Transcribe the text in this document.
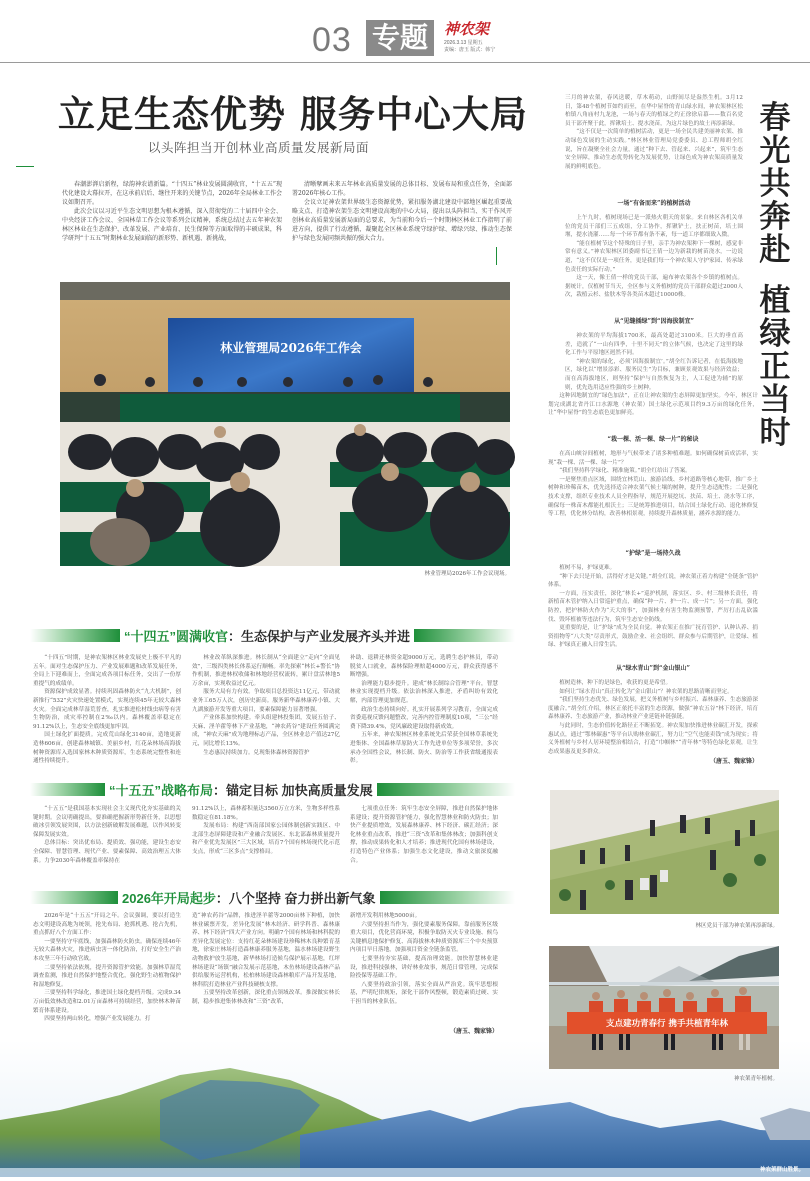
03 专题	神农架
2026.3.13 星期五
责编：唐玉 版式：韩宁
立足生态优势 服务中心大局
以头阵担当开创林业高质量发展新局面

春潮澎湃启新程，绿韵神农谱新篇。“十四五”林业发展圆满收官，“十五五”现代化建设大幕拉开，在这承前启后、继往开来的关键节点，2026年全局林业工作会议如期召开。

此次会议以习近平生态文明思想为根本遵循，深入贯彻党的二十届四中全会、中央经济工作会议、全国林草工作会议等系列会议精神，系统总结过去五年神农架林区林业在生态保护、改革发展、产业培育、民生保障等方面取得的丰硕成果，科学研判“十五五”时期林业发展面临的新形势、新机遇、新挑战，

清晰擘画未来五年林业高质量发展的总体目标、发展布局和重点任务，全面部署2026年核心工作。

会议立足神农架世界级生态资源优势，紧扣服务湖北建设中部地区崛起重要战略支点、打造神农架生态文明建设高地的中心大局，提出以头阵担当、实干作风开创林业高质量发展新局面的总要求，为当前和今后一个时期林区林业工作指明了前进方向，提供了行动遵循，凝聚起全区林业系统守绿护绿、增绿兴绿、推动生态保护与绿色发展同频共振的强大合力。

林业管理局2026年工作会
林业管理局2026年工作会议现场。
“十四五”圆满收官：生态保护与产业发展齐头并进

“十四五”时期，是神农架林区林业发展史上极不平凡的五年。面对生态保护压力、产业发展难题和改革发展任务，全局上下迎难而上，全面完成各项目标任务，交出了一份厚重提气的成绩单。

资源保护成效显著。持续巩固森林防火“九大机制”，创新推行“532”火灾快速处置模式，实现连续45年无较大森林火灾。全面完成林草湿荒普查，扎实推进松材线虫病等有害生物防治，成灾率控制在2‰以内。森林覆盖率稳定在91.12%以上，生态安全底线更加牢固。

国土绿化扩面提质。完成荒山绿化3140亩，造地更新造林606亩，创建森林城镇、美丽乡村，红花朵林场高海拔树种资源库入选国家林木种质资源库，生态系统完整性和连通性持续提升。

林业改革纵深推进。林长制从“全面建立”走向“全面见效”，三级四类林长体系运行顺畅。率先探索“林长+警长”协作机制，推进林权收储和林地经营权流转，累计盘活林地5万余亩，实现收益过亿元。

服务大局有力有效。争取项目总投资达11亿元，带动就业务工65万人次，创历史新高。服务新华森林康养小镇、大九湖旅游开发等重大项目，要素保障能力显著增强。

产业体系加快构建。牵头组建林投集团，发展五倍子、天麻、淫羊藿等林下产业基地，“神农药谷”建设任务圆满完成，“神农天麻”成为地理标志产品，全区林业总产值达27亿元，同比增长13%。

生态惠民持续加力。兑现集体森林资源管护

补助、退耕还林资金超9000万元，选聘生态护林员，带动脱贫人口就业，森林保险理赔超4000万元，群众获得感不断增强。

治理能力稳步提升。建成“林长制综合管理”平台，智慧林业实现提档升级。依法治林深入推进，矛盾纠纷有效化解，内部管理更加规范。

政治生态持续向好。扎实开展系列学习教育，全面完成省委巡视反馈问题整改，完善内控管理制度10项，“三公”经费下降39.4%，党风廉政建设取得新成效。

五年来，神农架林区林业系统先后荣获全国林草系统先进集体、全国森林草原防火工作先进单位等多项荣誉，多次承办全国性会议，林长制、防火、防治等工作获省级通报表彰。

“十五五”战略布局：锚定目标 加快高质量发展

“十五五”是我国基本实现社会主义现代化夯实基础的关键时期。会议明确提出，要准确把握新形势新任务，以思想破冰引领发展突围，以方法创新破解发展难题，以作风转变保障发展实效。

总体目标：突出优布局、提质效、强功能，建设生态安全保障、智慧管理、现代产业、要素保障、高效治理五大体系。力争2030年森林覆盖率保持在

91.12%以上，森林蓄积量达3560万立方米，生物多样性系数稳定在81.18%。

发展布局：构建“西南部国家公园体制创新实践区、中北部生态屏障建设和产业融合发展区、东北部森林质量提升和产业优先发展区”三大区域，培育7个国有林场现代化示范支点，形成“三区多点”支撑格局。

七项重点任务：筑牢生态安全屏障，推进自然保护地体系建设；提升资源管护能力，强化智慧林业和防火防虫；加快产业提质增效，发展森林康养、林下经济、碳汇经济；深化林业重点改革，推进“三资”改革和集体林改；加强科创支撑，推动成果转化和人才培养；推进现代化国有林场建设，打造特色产业体系；加强生态文化建设，推动文旅深度融合。

2026年开局起步：八个坚持 奋力拼出新气象

2026年是“十五五”开局之年。会议强调，要以打造生态文明建设高地为统领，抢先布局、抢抓机遇、抢占先机，重点抓好八个方面工作：

一要坚持守牢底线，加强森林防火防虫。确保连续46年无较大森林火灾，推进病虫害一体化防治，打好安全生产治本攻坚三年行动收官战。

二要坚持依法依规，提升资源管护效能。加强林草湿荒调查监测，推进自然保护地整合优化，强化野生动植物保护和湿地修复。

三要坚持科学绿化，推进国土绿化提档升级。完成9.34万亩低效林改造和2.01万亩森林可持续经营，加快林木种苗繁育体系建设。

四要坚持两山转化，增强产业发展能力。打

造“神农药谷”品牌，推进淫羊藿等2000亩林下种植，加快林业碳票开发，差异化发展“林木经济、研学科普、森林康养、林下经济”四大产业方向。明确7个国有林场和林科院的差异化发展定位：支持红花朵林场建设珍稀林木良种繁育基地，徐家庄林场打造森林康养服务基地，温水林场建设野生动物救护放生基地，新华林场打造候鸟保护展示基地，红坪林场建设“场镇”融合发展示范基地，木鱼林场建设森林产品供给服务运营机构，松柏林场建设森林粮库产品开发基地，林科院打造林业产业科技硬核支撑。

五要坚持改革创新，深化重点领域改革。推深做实林长制，稳步推进集体林改和“三资”改革，

新增开发利用林地5000亩。

六要坚持担当作为，强化要素服务保障。靠前服务区级重大项目，优化营商环境，积极争取防灭火专业设施、候鸟关键栖息地保护修复、高海拔林木种质资源库三个中央预算内项目早日落地，加强项目资金全链条监管。

七要坚持夯实基础，提高治理效能。加快智慧林业建设，推进科技强林，讲好林业故事，规范日常管理，完成保险投保等基础工作。

八要坚持政治引领，落实全面从严治党。筑牢思想根基，严明纪律规矩，深化干部作风整顿，锻造素质过硬、实干担当的林业队伍。

（唐玉、魏家锋）
神农架群山胜景。

三月的神农架，春风送暖，草木萌动，山野间尽是盎然生机。3月12日，第48个植树节如约而至，在华中屋脊的青山绿水间，神农架林区松柏镇八角庙村九龙池，一场与春天的植绿之约正徐徐启幕——数百名党员干部齐聚于此，挥锹培土、提水浇苗，为这片绿色的故土再添新绿。

“这不仅是一次简单的植树活动，更是一场全民共建美丽神农架、推动绿色发展的生动实践。”林区林业管理局党委委员、总工程师胡全红说，旨在凝聚全社会力量，通过“种下去、管起来、兴起来”，筑牢生态安全屏障，推动生态优势转化为发展优势，让绿色成为神农架高质量发展的鲜明底色。

春
光
共
奔
赴
植
绿
正
当
时
一场“有备而来”的植树活动

上午九时，植树现场已是一派热火朝天的景象。来自林区各机关单位的党员干部们三五成组，分工协作，挥锹铲土，扶正树苗，培土围堰，提水浇灌……每一个环节都有条不紊，每一道工序都细致入微。

“能在植树节这个特殊的日子里，亲手为神农架种下一棵树，感觉非常有意义。”神农架林区团委副书记王倩一边为新栽的树苗浇水，一边说道，“这不仅仅是一项任务，更是我们每一个神农架人守护家园、传承绿色责任的实际行动。”

这一天，像王倩一样的党员干部，遍布神农架各个乡镇的植树点。据统计，仅植树节当天，全区参与义务植树的党员干部群众超过2000人次，栽植云杉、盐肤木等各类苗木超过10000株。

从“见缝插绿”到“因海拔制宜”

神农架的平均海拔1700米，最高处超过3100米。巨大的垂直高差，造就了“一山有四季，十里不同天”的立体气候，也决定了这里的绿化工作与平原地区迥然不同。

“神农架的绿化，必须‘因海拔制宜’。”胡全红告诉记者，在低海拔地区，绿化以“增景添彩、服务民生”为目标，兼顾景观效果与经济效益；而在高海拔地区，则坚持“保护与自然恢复为主，人工促进为辅”的原则，优先选用适应性强的乡土树种。

这种因地制宜的“绿色加法”，正在让神农架的生态屏障更加坚实。今年，林区计划完成湖北省丹江口水源地（神农架）国土绿化示范项目约9.3万亩的绿化任务，让“华中屋脊”的生态底色更加鲜亮。

“栽一棵、活一棵、绿一片”的秘诀

在高山峡谷间植树，地形与气候带来了诸多种植难题。如何确保树苗成活率，实现“栽一棵、活一棵、绿一片”？

“我们坚持科学绿化、精准施策。”胡全红给出了答案。

一是聚焦重点区域，围绕宜林荒山、旅游沿线、乡村道路等核心地带，推广乡土树种和珍稀苗木，优先选择适合神农架气候土壤的树种，提升生态适配性；二是强化技术支撑，组织专业技术人员全程指导，规范开展挖坑、扶苗、培土、浇水等工序，确保每一株苗木都能扎根沃土；三是统筹推进项目，结合国土绿化行动、退化林修复等工程，优化林分结构，改善林相景观，持续提升森林质量，涵养水源的能力。

“护绿”是一场持久战

植树不易，护绿更难。

“种下去只是开始，活得好才是关键。”胡全红说，神农架正着力构建“全链条”管护体系。

一方面，压实责任，深化“林长+”巡护机制，落实区、乡、村三级林长责任，将新植苗木管护纳入日常巡护重点，确保“种一片、护一片、成一片”；另一方面，强化防控，把护林防火作为“天大的事”，加强林业有害生物监测预警，严厉打击乱砍滥伐、毁坏植被等违法行为，筑牢生态安全防线。

更重要的是，让“护绿”成为全民自觉。神农架正在推广抚育管护、认种认养、捐资捐物等“八大类”尽责形式，鼓励企业、社会组织、群众参与后期管护，让爱绿、植绿、护绿真正融入日常生活。

从“绿水青山”到“金山银山”

植树造林，种下的是绿色，收获的更是希望。

如何让“绿水青山”真正转化为“金山银山”？神农架的思路清晰而坚定。

“我们坚持生态优先、绿色发展，把义务植树与乡村振兴、森林康养、生态旅游深度融合。”胡全红介绍，林区正依托丰富的生态资源，做强“神农五谷”林下经济，培育森林康养、生态旅游产业，推动林业产业延链补链强链。

与此同时，生态价值转化路径正不断拓宽。神农架加快推进林业碳汇开发，探索惠试点，通过“鄂林碳惠”等平台认购林业碳汇，努力让“空气也能卖钱”成为现实；将义务植树与乡村人居环境整治相结合，打造“巾帼林”“青年林”等特色绿化景观，让生态成果惠及更多群众。

（唐玉、魏家锋）
林区党员干部为神农架再添新绿。
支点建功青春行 携手共植青年林
神农架青年植树。
